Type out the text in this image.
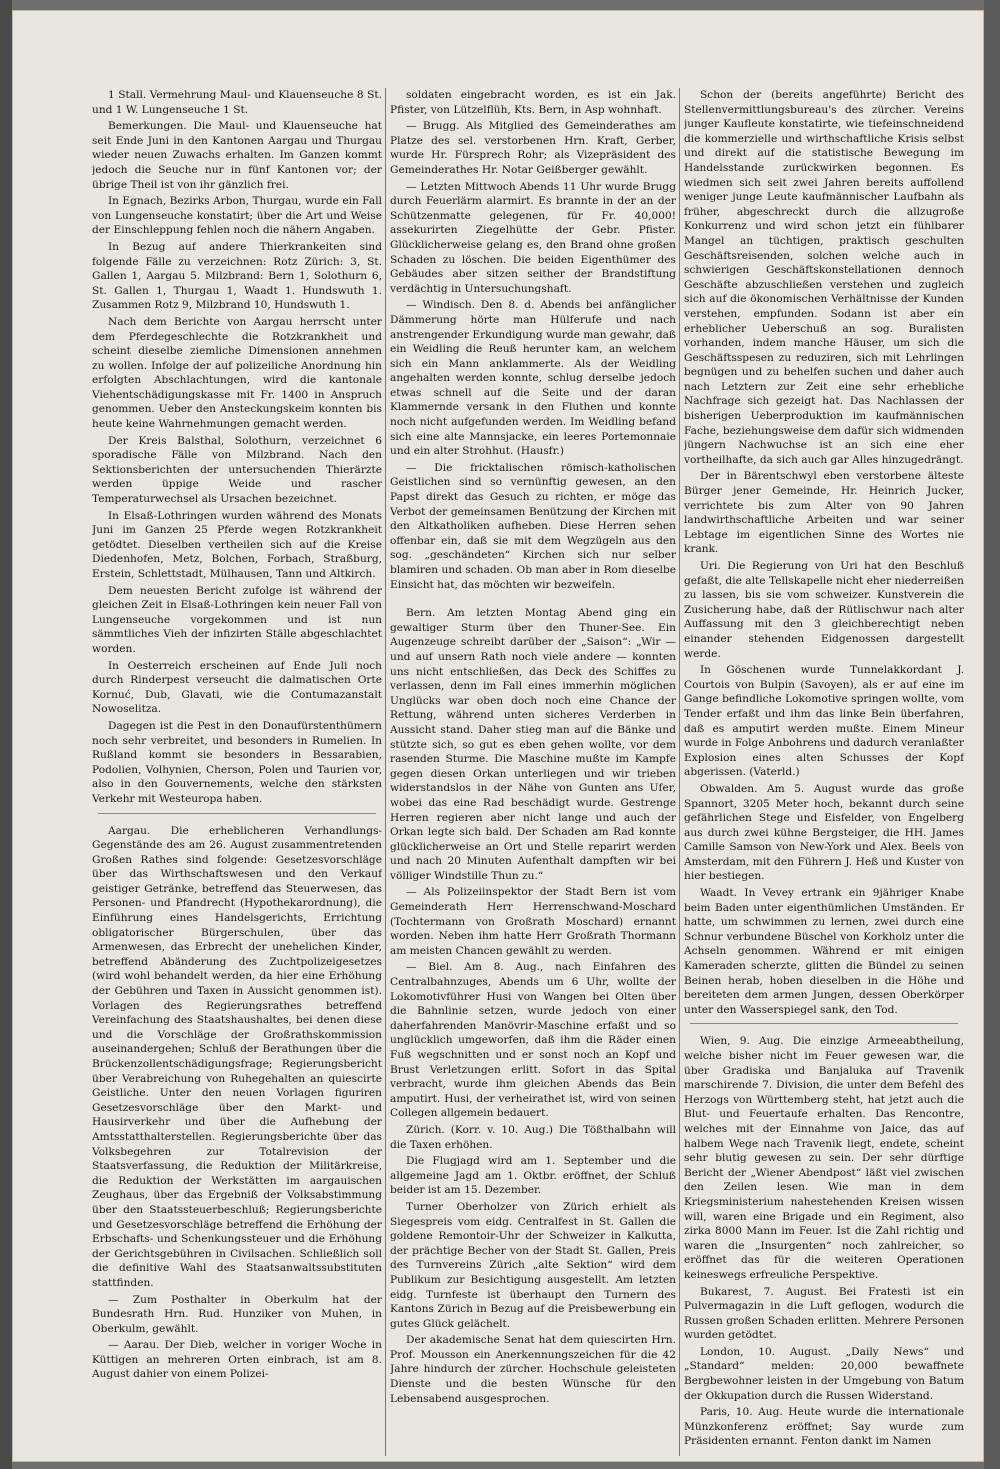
1 Stall. Vermehrung Maul- und Klauenseuche 8 St. und 1 W. Lungenseuche 1 St.

Bemerkungen. Die Maul- und Klauenseuche hat seit Ende Juni in den Kantonen Aargau und Thurgau wieder neuen Zuwachs erhalten. Im Ganzen kommt jedoch die Seuche nur in fünf Kantonen vor; der übrige Theil ist von ihr gänzlich frei.

In Egnach, Bezirks Arbon, Thurgau, wurde ein Fall von Lungenseuche konstatirt; über die Art und Weise der Einschleppung fehlen noch die nähern Angaben.

In Bezug auf andere Thierkrankeiten sind folgende Fälle zu verzeichnen: Rotz Zürich: 3, St. Gallen 1, Aargau 5. Milzbrand: Bern 1, Solothurn 6, St. Gallen 1, Thurgau 1, Waadt 1. Hundswuth 1. Zusammen Rotz 9, Milzbrand 10, Hundswuth 1.

Nach dem Berichte von Aargau herrscht unter dem Pferdegeschlechte die Rotzkrankheit und scheint dieselbe ziemliche Dimensionen annehmen zu wollen. Infolge der auf polizeiliche Anordnung hin erfolgten Abschlachtungen, wird die kantonale Viehentschädigungskasse mit Fr. 1400 in Anspruch genommen. Ueber den Ansteckungskeim konnten bis heute keine Wahrnehmungen gemacht werden.

Der Kreis Balsthal, Solothurn, verzeichnet 6 sporadische Fälle von Milzbrand. Nach den Sektionsberichten der untersuchenden Thierärzte werden üppige Weide und rascher Temperaturwechsel als Ursachen bezeichnet.

In Elsaß-Lothringen wurden während des Monats Juni im Ganzen 25 Pferde wegen Rotzkrankheit getödtet. Dieselben vertheilen sich auf die Kreise Diedenhofen, Metz, Bolchen, Forbach, Straßburg, Erstein, Schlettstadt, Mülhausen, Tann und Altkirch.

Dem neuesten Bericht zufolge ist während der gleichen Zeit in Elsaß-Lothringen kein neuer Fall von Lungenseuche vorgekommen und ist nun sämmtliches Vieh der infizirten Ställe abgeschlachtet worden.

In Oesterreich erscheinen auf Ende Juli noch durch Rinderpest verseucht die dalmatischen Orte Kornuć, Dub, Glavati, wie die Contumazanstalt Nowoselitza.

Dagegen ist die Pest in den Donaufürstenthümern noch sehr verbreitet, und besonders in Rumelien. In Rußland kommt sie besonders in Bessarabien, Podolien, Volhynien, Cherson, Polen und Taurien vor, also in den Gouvernements, welche den stärksten Verkehr mit Westeuropa haben.

Aargau. Die erheblicheren Verhandlungs-Gegenstände des am 26. August zusammentretenden Großen Rathes sind folgende: Gesetzesvorschläge über das Wirthschaftswesen und den Verkauf geistiger Getränke, betreffend das Steuerwesen, das Personen- und Pfandrecht (Hypothekarordnung), die Einführung eines Handelsgerichts, Errichtung obligatorischer Bürgerschulen, über das Armenwesen, das Erbrecht der unehelichen Kinder, betreffend Abänderung des Zuchtpolizeigesetzes (wird wohl behandelt werden, da hier eine Erhöhung der Gebühren und Taxen in Aussicht genommen ist). Vorlagen des Regierungsrathes betreffend Vereinfachung des Staatshaushaltes, bei denen diese und die Vorschläge der Großrathskommission auseinandergehen; Schluß der Berathungen über die Brückenzollentschädigungsfrage; Regierungsbericht über Verabreichung von Ruhegehalten an quiescirte Geistliche. Unter den neuen Vorlagen figuriren Gesetzesvorschläge über den Markt- und Hausirverkehr und über die Aufhebung der Amtsstatthalterstellen. Regierungsberichte über das Volksbegehren zur Totalrevision der Staatsverfassung, die Reduktion der Militärkreise, die Reduktion der Werkstätten im aargauischen Zeughaus, über das Ergebniß der Volksabstimmung über den Staatssteuerbeschluß; Regierungsberichte und Gesetzesvorschläge betreffend die Erhöhung der Erbschafts- und Schenkungssteuer und die Erhöhung der Gerichtsgebühren in Civilsachen. Schließlich soll die definitive Wahl des Staatsanwaltssubstituten stattfinden.

— Zum Posthalter in Oberkulm hat der Bundesrath Hrn. Rud. Hunziker von Muhen, in Oberkulm, gewählt.

— Aarau. Der Dieb, welcher in voriger Woche in Küttigen an mehreren Orten einbrach, ist am 8. August dahier von einem Polizei-

soldaten eingebracht worden, es ist ein Jak. Pfister, von Lützelflüh, Kts. Bern, in Asp wohnhaft.

— Brugg. Als Mitglied des Gemeinderathes am Platze des sel. verstorbenen Hrn. Kraft, Gerber, wurde Hr. Fürsprech Rohr; als Vizepräsident des Gemeinderathes Hr. Notar Geißberger gewählt.

— Letzten Mittwoch Abends 11 Uhr wurde Brugg durch Feuerlärm alarmirt. Es brannte in der an der Schützenmatte gelegenen, für Fr. 40,000! assekurirten Ziegelhütte der Gebr. Pfister. Glücklicherweise gelang es, den Brand ohne großen Schaden zu löschen. Die beiden Eigenthümer des Gebäudes aber sitzen seither der Brandstiftung verdächtig in Untersuchungshaft.

— Windisch. Den 8. d. Abends bei anfänglicher Dämmerung hörte man Hülferufe und nach anstrengender Erkundigung wurde man gewahr, daß ein Weidling die Reuß herunter kam, an welchem sich ein Mann anklammerte. Als der Weidling angehalten werden konnte, schlug derselbe jedoch etwas schnell auf die Seite und der daran Klammernde versank in den Fluthen und konnte noch nicht aufgefunden werden. Im Weidling befand sich eine alte Mannsjacke, ein leeres Portemonnaie und ein alter Strohhut. (Hausfr.)

— Die fricktalischen römisch-katholischen Geistlichen sind so vernünftig gewesen, an den Papst direkt das Gesuch zu richten, er möge das Verbot der gemeinsamen Benützung der Kirchen mit den Altkatholiken aufheben. Diese Herren sehen offenbar ein, daß sie mit dem Wegzügeln aus den sog. „geschändeten“ Kirchen sich nur selber blamiren und schaden. Ob man aber in Rom dieselbe Einsicht hat, das möchten wir bezweifeln.

Bern. Am letzten Montag Abend ging ein gewaltiger Sturm über den Thuner-See. Ein Augenzeuge schreibt darüber der „Saison“: „Wir — und auf unsern Rath noch viele andere — konnten uns nicht entschließen, das Deck des Schiffes zu verlassen, denn im Fall eines immerhin möglichen Unglücks war oben doch noch eine Chance der Rettung, während unten sicheres Verderben in Aussicht stand. Daher stieg man auf die Bänke und stützte sich, so gut es eben gehen wollte, vor dem rasenden Sturme. Die Maschine mußte im Kampfe gegen diesen Orkan unterliegen und wir trieben widerstandslos in der Nähe von Gunten ans Ufer, wobei das eine Rad beschädigt wurde. Gestrenge Herren regieren aber nicht lange und auch der Orkan legte sich bald. Der Schaden am Rad konnte glücklicherweise an Ort und Stelle reparirt werden und nach 20 Minuten Aufenthalt dampften wir bei völliger Windstille Thun zu.“

— Als Polizeiinspektor der Stadt Bern ist vom Gemeinderath Herr Herrenschwand-Moschard (Tochtermann von Großrath Moschard) ernannt worden. Neben ihm hatte Herr Großrath Thormann am meisten Chancen gewählt zu werden.

— Biel. Am 8. Aug., nach Einfahren des Centralbahnzuges, Abends um 6 Uhr, wollte der Lokomotivführer Husi von Wangen bei Olten über die Bahnlinie setzen, wurde jedoch von einer daherfahrenden Manövrir-Maschine erfaßt und so unglücklich umgeworfen, daß ihm die Räder einen Fuß wegschnitten und er sonst noch an Kopf und Brust Verletzungen erlitt. Sofort in das Spital verbracht, wurde ihm gleichen Abends das Bein amputirt. Husi, der verheirathet ist, wird von seinen Collegen allgemein bedauert.

Zürich. (Korr. v. 10. Aug.) Die Tößthalbahn will die Taxen erhöhen.

Die Flugjagd wird am 1. September und die allgemeine Jagd am 1. Oktbr. eröffnet, der Schluß beider ist am 15. Dezember.

Turner Oberholzer von Zürich erhielt als Siegespreis vom eidg. Centralfest in St. Gallen die goldene Remontoir-Uhr der Schweizer in Kalkutta, der prächtige Becher von der Stadt St. Gallen, Preis des Turnvereins Zürich „alte Sektion“ wird dem Publikum zur Besichtigung ausgestellt. Am letzten eidg. Turnfeste ist überhaupt den Turnern des Kantons Zürich in Bezug auf die Preisbewerbung ein gutes Glück gelächelt.

Der akademische Senat hat dem quiescirten Hrn. Prof. Mousson ein Anerkennungszeichen für die 42 Jahre hindurch der zürcher. Hochschule geleisteten Dienste und die besten Wünsche für den Lebensabend ausgesprochen.

Schon der (bereits angeführte) Bericht des Stellenvermittlungsbureau's des zürcher. Vereins junger Kaufleute konstatirte, wie tiefeinschneidend die kommerzielle und wirthschaftliche Krisis selbst und direkt auf die statistische Bewegung im Handelsstande zurückwirken begonnen. Es wiedmen sich seit zwei Jahren bereits auffollend weniger junge Leute kaufmännischer Laufbahn als früher, abgeschreckt durch die allzugroße Konkurrenz und wird schon jetzt ein fühlbarer Mangel an tüchtigen, praktisch geschulten Geschäftsreisenden, solchen welche auch in schwierigen Geschäftskonstellationen dennoch Geschäfte abzuschließen verstehen und zugleich sich auf die ökonomischen Verhältnisse der Kunden verstehen, empfunden. Sodann ist aber ein erheblicher Ueberschuß an sog. Buralisten vorhanden, indem manche Häuser, um sich die Geschäftsspesen zu reduziren, sich mit Lehrlingen begnügen und zu behelfen suchen und daher auch nach Letztern zur Zeit eine sehr erhebliche Nachfrage sich gezeigt hat. Das Nachlassen der bisherigen Ueberproduktion im kaufmännischen Fache, beziehungsweise dem dafür sich widmenden jüngern Nachwuchse ist an sich eine eher vortheilhafte, da sich auch gar Alles hinzugedrängt.

Der in Bärentschwyl eben verstorbene älteste Bürger jener Gemeinde, Hr. Heinrich Jucker, verrichtete bis zum Alter von 90 Jahren landwirthschaftliche Arbeiten und war seiner Lebtage im eigentlichen Sinne des Wortes nie krank.

Uri. Die Regierung von Uri hat den Beschluß gefaßt, die alte Tellskapelle nicht eher niederreißen zu lassen, bis sie vom schweizer. Kunstverein die Zusicherung habe, daß der Rütlischwur nach alter Auffassung mit den 3 gleichberechtigt neben einander stehenden Eidgenossen dargestellt werde.

In Göschenen wurde Tunnelakkordant J. Courtois von Bulpin (Savoyen), als er auf eine im Gange befindliche Lokomotive springen wollte, vom Tender erfaßt und ihm das linke Bein überfahren, daß es amputirt werden mußte. Einem Mineur wurde in Folge Anbohrens und dadurch veranlaßter Explosion eines alten Schusses der Kopf abgerissen. (Vaterld.)

Obwalden. Am 5. August wurde das große Spannort, 3205 Meter hoch, bekannt durch seine gefährlichen Stege und Eisfelder, von Engelberg aus durch zwei kühne Bergsteiger, die HH. James Camille Samson von New-York und Alex. Beels von Amsterdam, mit den Führern J. Heß und Kuster von hier bestiegen.

Waadt. In Vevey ertrank ein 9jähriger Knabe beim Baden unter eigenthümlichen Umständen. Er hatte, um schwimmen zu lernen, zwei durch eine Schnur verbundene Büschel von Korkholz unter die Achseln genommen. Während er mit einigen Kameraden scherzte, glitten die Bündel zu seinen Beinen herab, hoben dieselben in die Höhe und bereiteten dem armen Jungen, dessen Oberkörper unter den Wasserspiegel sank, den Tod.

Wien, 9. Aug. Die einzige Armeeabtheilung, welche bisher nicht im Feuer gewesen war, die über Gradiska und Banjaluka auf Travenik marschirende 7. Division, die unter dem Befehl des Herzogs von Württemberg steht, hat jetzt auch die Blut- und Feuertaufe erhalten. Das Rencontre, welches mit der Einnahme von Jaice, das auf halbem Wege nach Travenik liegt, endete, scheint sehr blutig gewesen zu sein. Der sehr dürftige Bericht der „Wiener Abendpost“ läßt viel zwischen den Zeilen lesen. Wie man in dem Kriegsministerium nahestehenden Kreisen wissen will, waren eine Brigade und ein Regiment, also zirka 8000 Mann im Feuer. Ist die Zahl richtig und waren die „Insurgenten“ noch zahlreicher, so eröffnet das für die weiteren Operationen keineswegs erfreuliche Perspektive.

Bukarest, 7. August. Bei Fratesti ist ein Pulvermagazin in die Luft geflogen, wodurch die Russen großen Schaden erlitten. Mehrere Personen wurden getödtet.

London, 10. August. „Daily News“ und „Standard“ melden: 20,000 bewaffnete Bergbewohner leisten in der Umgebung von Batum der Okkupation durch die Russen Widerstand.

Paris, 10. Aug. Heute wurde die internationale Münzkonferenz eröffnet; Say wurde zum Präsidenten ernannt. Fenton dankt im Namen
